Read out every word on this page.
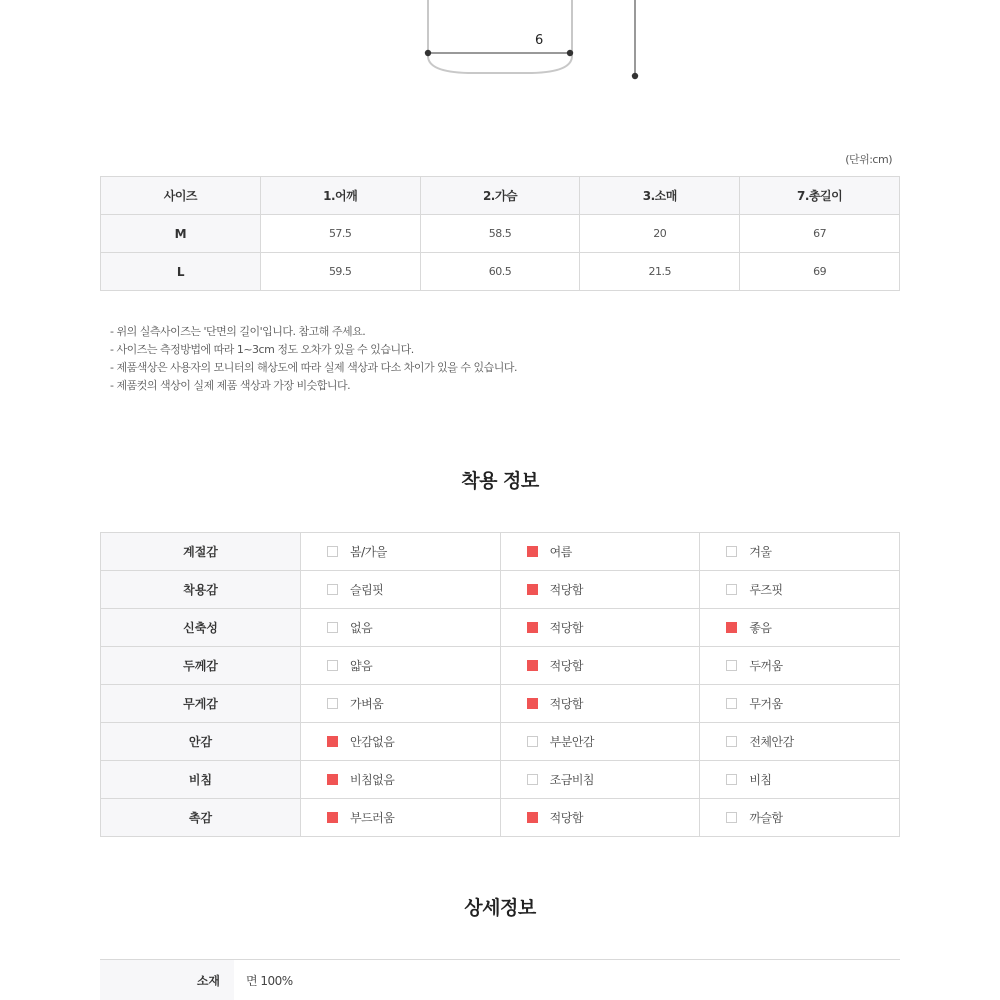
6
(단위:cm)
사이즈	1.어깨	2.가슴	3.소매	7.총길이
M	57.5	58.5	20	67
L	59.5	60.5	21.5	69
- 위의 실측사이즈는 '단면의 길이'입니다. 참고해 주세요.
- 사이즈는 측정방법에 따라 1~3cm 정도 오차가 있을 수 있습니다.
- 제품색상은 사용자의 모니터의 해상도에 따라 실제 색상과 다소 차이가 있을 수 있습니다.
- 제품컷의 색상이 실제 제품 색상과 가장 비슷합니다.
착용 정보
계절감	봄/가을	여름	겨울

착용감	슬림핏	적당함	루즈핏

신축성	없음	적당함	좋음

두께감	얇음	적당함	두꺼움

무게감	가벼움	적당함	무거움

안감	안감없음	부분안감	전체안감

비침	비침없음	조금비침	비침

촉감	부드러움	적당함	까슬함
상세정보
소재	면 100%
